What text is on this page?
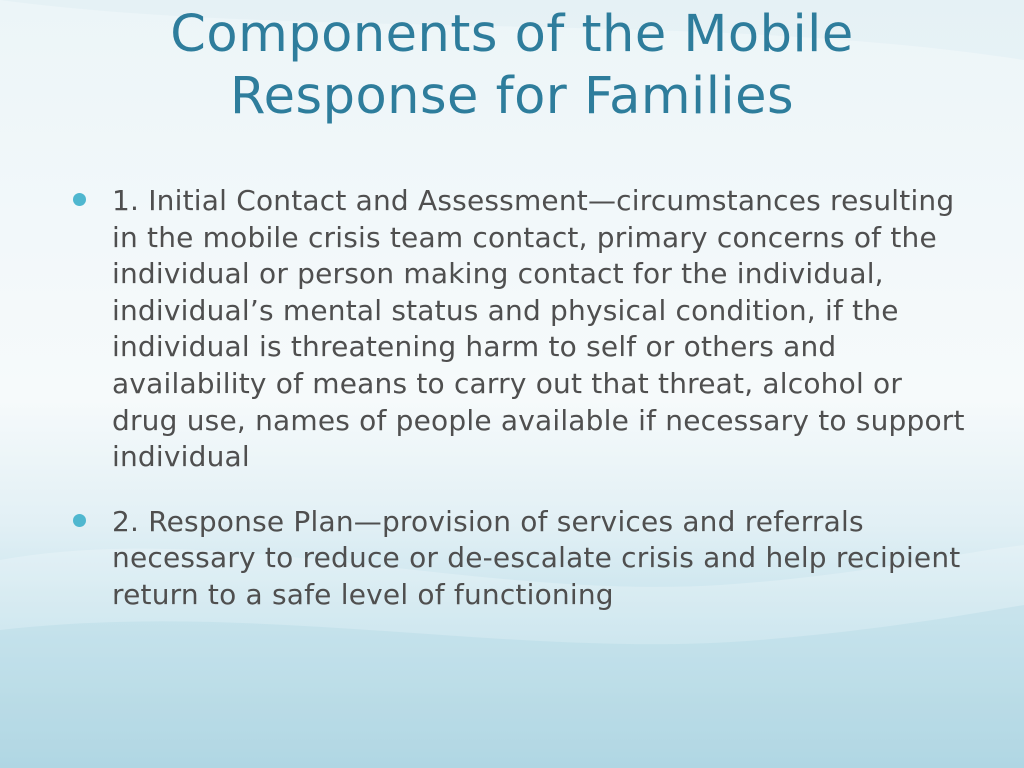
Components of the Mobile Response for Families
1. Initial Contact and Assessment—circumstances resulting in the mobile crisis team contact, primary concerns of the individual or person making contact for the individual, individual’s mental status and physical condition, if the individual is threatening harm to self or others and availability of means to carry out that threat, alcohol or drug use, names of people available if necessary to support individual
2. Response Plan—provision of services and referrals necessary to reduce or de-escalate crisis and help recipient return to a safe level of functioning
